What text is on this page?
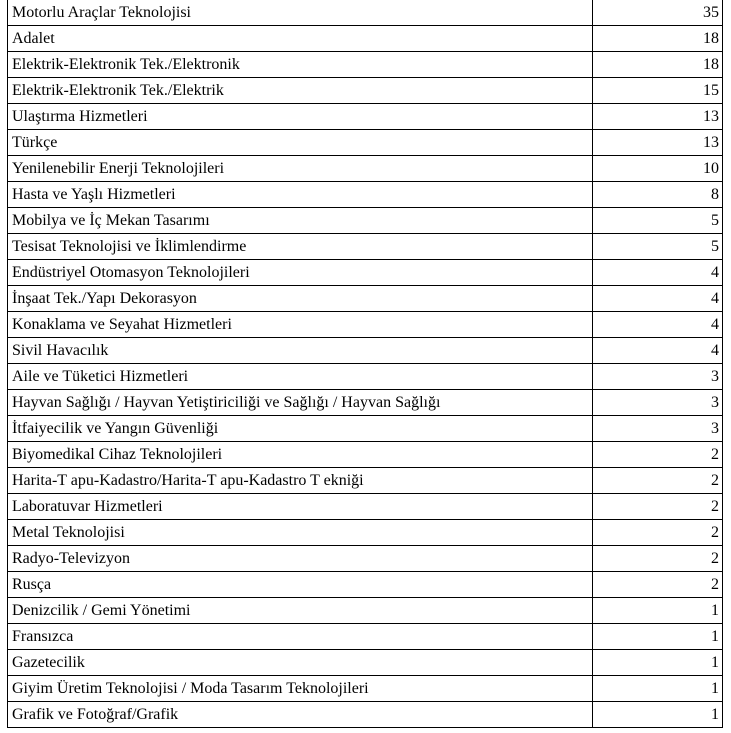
Motorlu Araçlar Teknolojisi	35
Adalet	18
Elektrik-Elektronik Tek./Elektronik	18
Elektrik-Elektronik Tek./Elektrik	15
Ulaştırma Hizmetleri	13
Türkçe	13
Yenilenebilir Enerji Teknolojileri	10
Hasta ve Yaşlı Hizmetleri	8
Mobilya ve İç Mekan Tasarımı	5
Tesisat Teknolojisi ve İklimlendirme	5
Endüstriyel Otomasyon Teknolojileri	4
İnşaat Tek./Yapı Dekorasyon	4
Konaklama ve Seyahat Hizmetleri	4
Sivil Havacılık	4
Aile ve Tüketici Hizmetleri	3
Hayvan Sağlığı / Hayvan Yetiştiriciliği ve Sağlığı / Hayvan Sağlığı	3
İtfaiyecilik ve Yangın Güvenliği	3
Biyomedikal Cihaz Teknolojileri	2
Harita-T apu-Kadastro/Harita-T apu-Kadastro T ekniği	2
Laboratuvar Hizmetleri	2
Metal Teknolojisi	2
Radyo-Televizyon	2
Rusça	2
Denizcilik / Gemi Yönetimi	1
Fransızca	1
Gazetecilik	1
Giyim Üretim Teknolojisi / Moda Tasarım Teknolojileri	1
Grafik ve Fotoğraf/Grafik	1
